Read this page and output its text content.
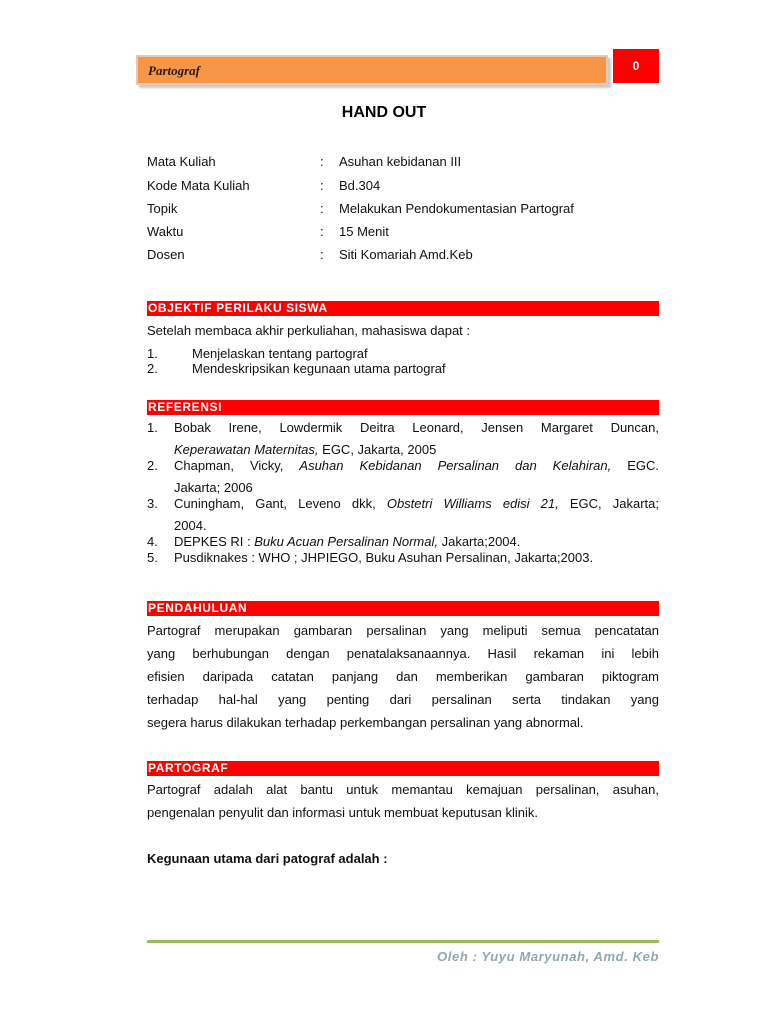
Partograf	0
HAND OUT
Mata Kuliah	: Asuhan kebidanan III
Kode Mata Kuliah	: Bd.304
Topik	: Melakukan Pendokumentasian Partograf
Waktu	: 15 Menit
Dosen	: Siti Komariah Amd.Keb
OBJEKTIF PERILAKU SISWA
Setelah membaca akhir perkuliahan, mahasiswa dapat :
1.	Menjelaskan tentang partograf
2.	Mendeskripsikan kegunaan utama partograf
REFERENSI
1. Bobak Irene, Lowdermik Deitra Leonard, Jensen Margaret Duncan,
Keperawatan Maternitas, EGC, Jakarta, 2005
2. Chapman, Vicky, Asuhan Kebidanan Persalinan dan Kelahiran, EGC.
Jakarta; 2006
3. Cuningham, Gant, Leveno dkk, Obstetri Williams edisi 21, EGC, Jakarta;
2004.
4. DEPKES RI : Buku Acuan Persalinan Normal, Jakarta;2004.
5. Pusdiknakes : WHO ; JHPIEGO, Buku Asuhan Persalinan, Jakarta;2003.
PENDAHULUAN
Partograf merupakan gambaran persalinan yang meliputi semua pencatatan
yang berhubungan dengan penatalaksanaannya. Hasil rekaman ini lebih
efisien daripada catatan panjang dan memberikan gambaran piktogram
terhadap hal-hal yang penting dari persalinan serta tindakan yang
segera harus dilakukan terhadap perkembangan persalinan yang abnormal.
PARTOGRAF
Partograf adalah alat bantu untuk memantau kemajuan persalinan, asuhan,
pengenalan penyulit dan informasi untuk membuat keputusan klinik.
Kegunaan utama dari patograf adalah :
Oleh : Yuyu Maryunah, Amd. Keb
